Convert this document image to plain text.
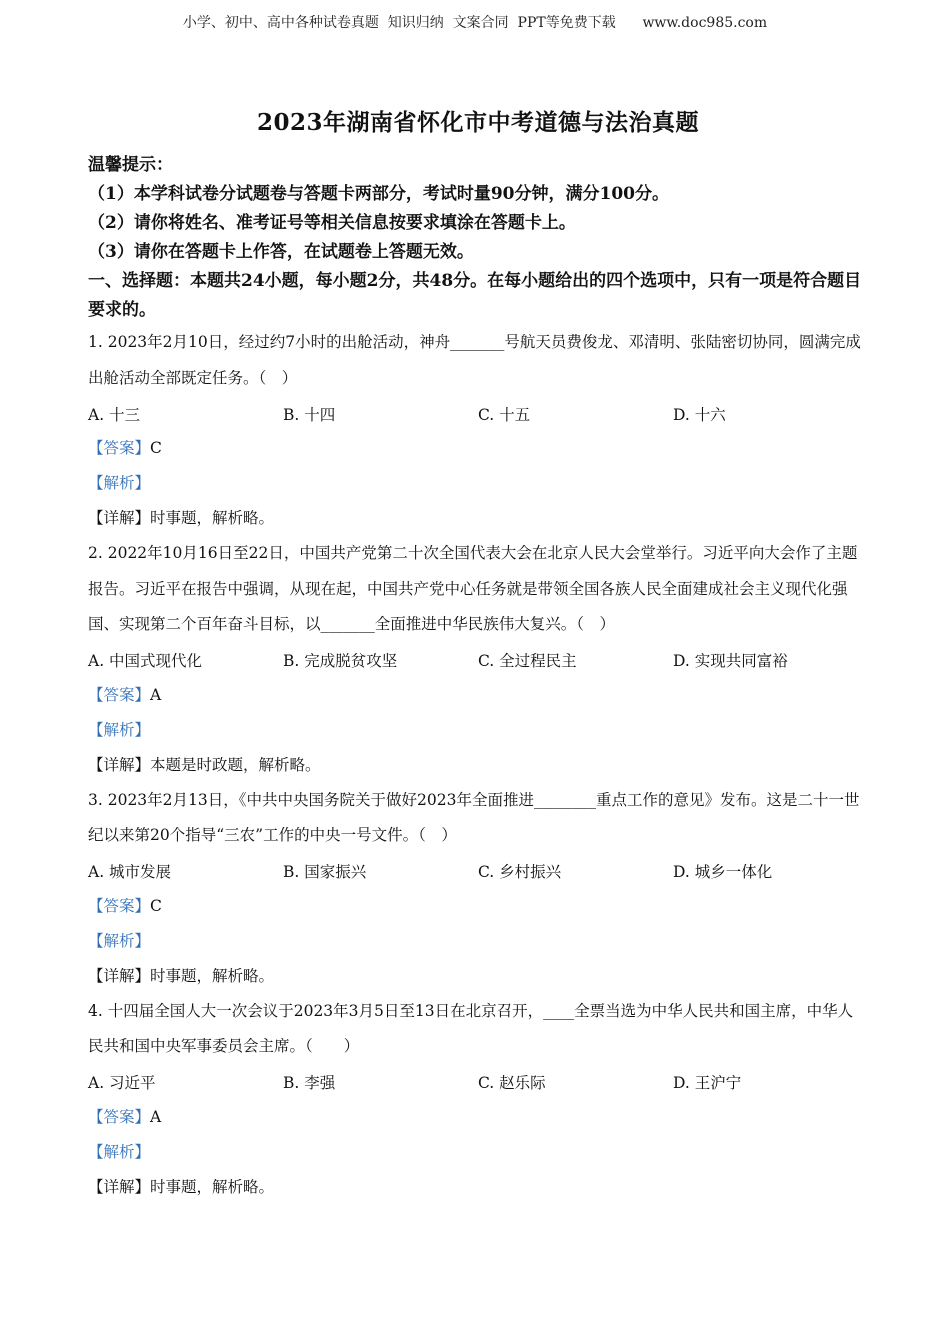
小学、初中、高中各种试卷真题  知识归纳  文案合同  PPT等免费下载      www.doc985.com
2023年湖南省怀化市中考道德与法治真题
温馨提示：
（1）本学科试卷分试题卷与答题卡两部分，考试时量90分钟，满分100分。
（2）请你将姓名、准考证号等相关信息按要求填涂在答题卡上。
（3）请你在答题卡上作答，在试题卷上答题无效。
一、选择题：本题共24小题，每小题2分，共48分。在每小题给出的四个选项中，只有一项是符合题目要求的。
1. 2023年2月10日，经过约7小时的出舱活动，神舟_______号航天员费俊龙、邓清明、张陆密切协同，圆满完成出舱活动全部既定任务。（　）
A. 十三	B. 十四	C. 十五	D. 十六
【答案】C
【解析】
【详解】时事题，解析略。
2. 2022年10月16日至22日，中国共产党第二十次全国代表大会在北京人民大会堂举行。习近平向大会作了主题报告。习近平在报告中强调，从现在起，中国共产党中心任务就是带领全国各族人民全面建成社会主义现代化强国、实现第二个百年奋斗目标，以_______全面推进中华民族伟大复兴。（　）
A. 中国式现代化	B. 完成脱贫攻坚	C. 全过程民主	D. 实现共同富裕
【答案】A
【解析】
【详解】本题是时政题，解析略。
3. 2023年2月13日，《中共中央国务院关于做好2023年全面推进________重点工作的意见》发布。这是二十一世纪以来第20个指导“三农”工作的中央一号文件。（　）
A. 城市发展	B. 国家振兴	C. 乡村振兴	D. 城乡一体化
【答案】C
【解析】
【详解】时事题，解析略。
4. 十四届全国人大一次会议于2023年3月5日至13日在北京召开，____全票当选为中华人民共和国主席，中华人民共和国中央军事委员会主席。（　　）
A. 习近平	B. 李强	C. 赵乐际	D. 王沪宁
【答案】A
【解析】
【详解】时事题，解析略。
